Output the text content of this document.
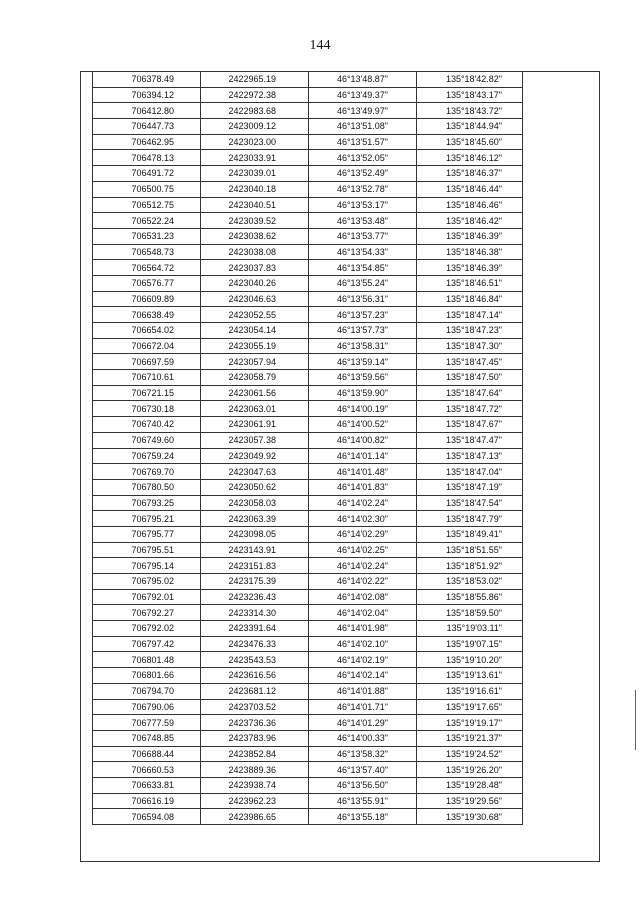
144
706378.49	2422965.19	46°13'48.87"	135°18'42.82"
706394.12	2422972.38	46°13'49.37"	135°18'43.17"
706412.80	2422983.68	46°13'49.97"	135°18'43.72"
706447.73	2423009.12	46°13'51.08"	135°18'44.94"
706462.95	2423023.00	46°13'51.57"	135°18'45.60"
706478.13	2423033.91	46°13'52.05"	135°18'46.12"
706491.72	2423039.01	46°13'52.49"	135°18'46.37"
706500.75	2423040.18	46°13'52.78"	135°18'46.44"
706512.75	2423040.51	46°13'53.17"	135°18'46.46"
706522.24	2423039.52	46°13'53.48"	135°18'46.42"
706531.23	2423038.62	46°13'53.77"	135°18'46.39"
706548.73	2423038.08	46°13'54.33"	135°18'46.38"
706564.72	2423037.83	46°13'54.85"	135°18'46.39"
706576.77	2423040.26	46°13'55.24"	135°18'46.51"
706609.89	2423046.63	46°13'56.31"	135°18'46.84"
706638.49	2423052.55	46°13'57.23"	135°18'47.14"
706654.02	2423054.14	46°13'57.73"	135°18'47.23"
706672.04	2423055.19	46°13'58.31"	135°18'47.30"
706697.59	2423057.94	46°13'59.14"	135°18'47.45"
706710.61	2423058.79	46°13'59.56"	135°18'47.50"
706721.15	2423061.56	46°13'59.90"	135°18'47.64"
706730.18	2423063.01	46°14'00.19"	135°18'47.72"
706740.42	2423061.91	46°14'00.52"	135°18'47.67"
706749.60	2423057.38	46°14'00.82"	135°18'47.47"
706759.24	2423049.92	46°14'01.14"	135°18'47.13"
706769.70	2423047.63	46°14'01.48"	135°18'47.04"
706780.50	2423050.62	46°14'01.83"	135°18'47.19"
706793.25	2423058.03	46°14'02.24"	135°18'47.54"
706795.21	2423063.39	46°14'02.30"	135°18'47.79"
706795.77	2423098.05	46°14'02.29"	135°18'49.41"
706795.51	2423143.91	46°14'02.25"	135°18'51.55"
706795.14	2423151.83	46°14'02.24"	135°18'51.92"
706795.02	2423175.39	46°14'02.22"	135°18'53.02"
706792.01	2423236.43	46°14'02.08"	135°18'55.86"
706792.27	2423314.30	46°14'02.04"	135°18'59.50"
706792.02	2423391.64	46°14'01.98"	135°19'03.11"
706797.42	2423476.33	46°14'02.10"	135°19'07.15"
706801.48	2423543.53	46°14'02.19"	135°19'10.20"
706801.66	2423616.56	46°14'02.14"	135°19'13.61"
706794.70	2423681.12	46°14'01.88"	135°19'16.61"
706790.06	2423703.52	46°14'01.71"	135°19'17.65"
706777.59	2423736.36	46°14'01.29"	135°19'19.17"
706748.85	2423783.96	46°14'00.33"	135°19'21.37"
706688.44	2423852.84	46°13'58.32"	135°19'24.52"
706660.53	2423889.36	46°13'57.40"	135°19'26.20"
706633.81	2423938.74	46°13'56.50"	135°19'28.48"
706616.19	2423962.23	46°13'55.91"	135°19'29.56"
706594.08	2423986.65	46°13'55.18"	135°19'30.68"
